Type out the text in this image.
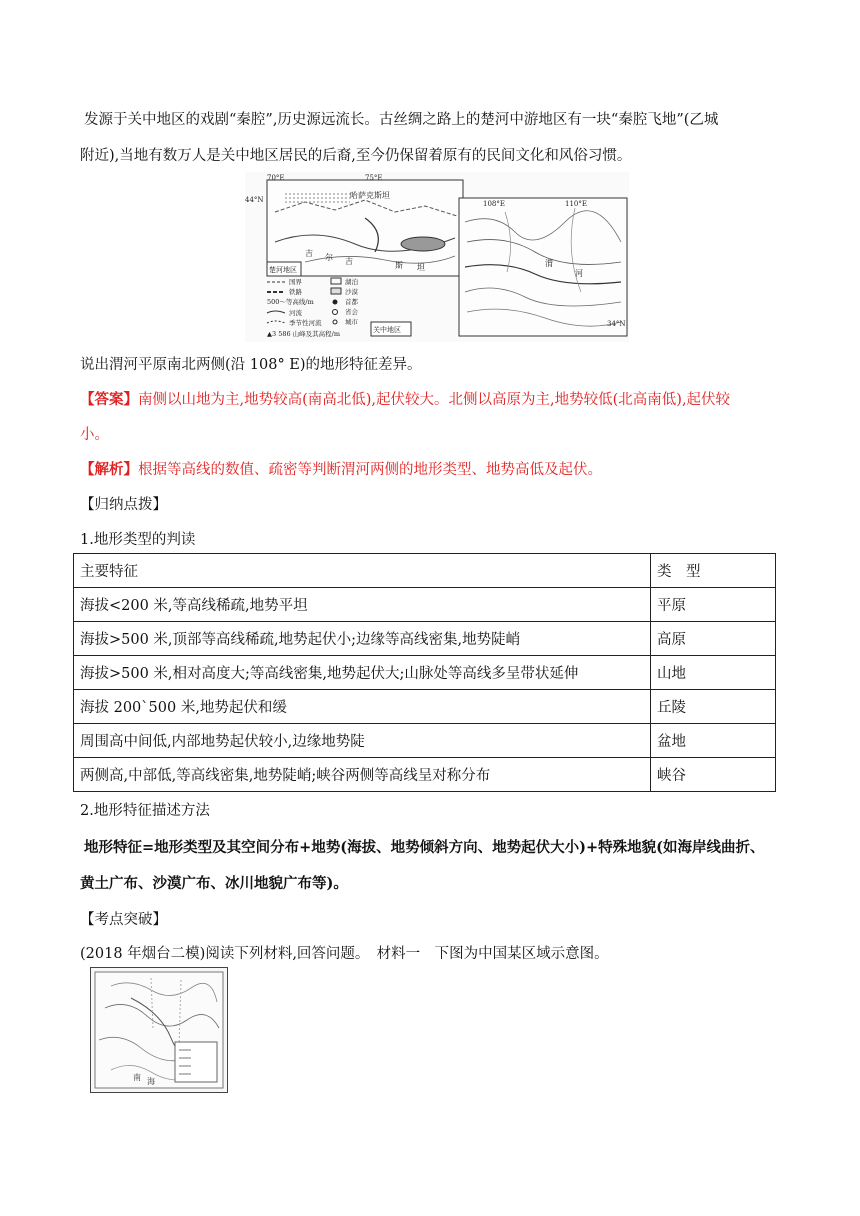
发源于关中地区的戏剧“秦腔”,历史源远流长。古丝绸之路上的楚河中游地区有一块“秦腔飞地”(乙城
附近),当地有数万人是关中地区居民的后裔,至今仍保留着原有的民间文化和风俗习惯。
吉 尔 吉	斯 坦
哈萨克斯坦
楚河地区
70°E	75°E
44°N	108°E	110°E
34°N
渭
河
关中地区
国界	湖泊
铁路	沙漠
500～等高线/m	首都
河流	省会
季节性河流	城市
▲3 586 山峰及其高程/m
说出渭河平原南北两侧(沿 108° E)的地形特征差异。
【答案】南侧以山地为主,地势较高(南高北低),起伏较大。北侧以高原为主,地势较低(北高南低),起伏较
小。
【解析】根据等高线的数值、疏密等判断渭河两侧的地形类型、地势高低及起伏。
【归纳点拨】
1.地形类型的判读
主要特征	类　型
海拔<200 米,等高线稀疏,地势平坦	平原
海拔>500 米,顶部等高线稀疏,地势起伏小;边缘等高线密集,地势陡峭	高原
海拔>500 米,相对高度大;等高线密集,地势起伏大;山脉处等高线多呈带状延伸	山地
海拔 200`500 米,地势起伏和缓	丘陵
周围高中间低,内部地势起伏较小,边缘地势陡	盆地
两侧高,中部低,等高线密集,地势陡峭;峡谷两侧等高线呈对称分布	峡谷
2.地形特征描述方法
地形特征=地形类型及其空间分布+地势(海拔、地势倾斜方向、地势起伏大小)+特殊地貌(如海岸线曲折、
黄土广布、沙漠广布、冰川地貌广布等)。
【考点突破】
(2018 年烟台二模)阅读下列材料,回答问题。　材料一　下图为中国某区域示意图。
南 海
